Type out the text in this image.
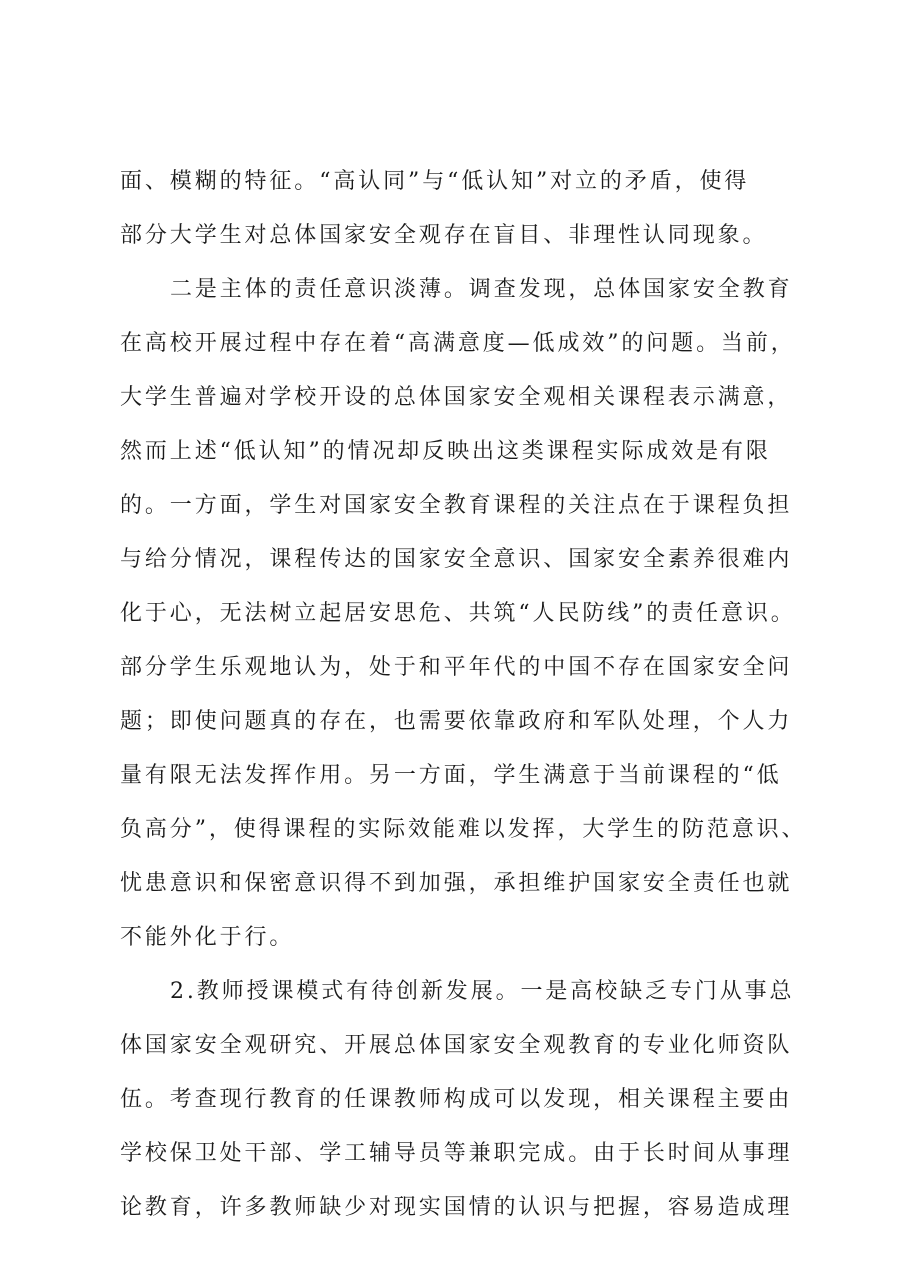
面、模糊的特征。“高认同”与“低认知”对立的矛盾，使得
部分大学生对总体国家安全观存在盲目、非理性认同现象。
二是主体的责任意识淡薄。调查发现，总体国家安全教育
在高校开展过程中存在着“高满意度—低成效”的问题。当前，
大学生普遍对学校开设的总体国家安全观相关课程表示满意，
然而上述“低认知”的情况却反映出这类课程实际成效是有限
的。一方面，学生对国家安全教育课程的关注点在于课程负担
与给分情况，课程传达的国家安全意识、国家安全素养很难内
化于心，无法树立起居安思危、共筑“人民防线”的责任意识。
部分学生乐观地认为，处于和平年代的中国不存在国家安全问
题；即使问题真的存在，也需要依靠政府和军队处理，个人力
量有限无法发挥作用。另一方面，学生满意于当前课程的“低
负高分”，使得课程的实际效能难以发挥，大学生的防范意识、
忧患意识和保密意识得不到加强，承担维护国家安全责任也就
不能外化于行。
2.教师授课模式有待创新发展。一是高校缺乏专门从事总
体国家安全观研究、开展总体国家安全观教育的专业化师资队
伍。考查现行教育的任课教师构成可以发现，相关课程主要由
学校保卫处干部、学工辅导员等兼职完成。由于长时间从事理
论教育，许多教师缺少对现实国情的认识与把握，容易造成理
